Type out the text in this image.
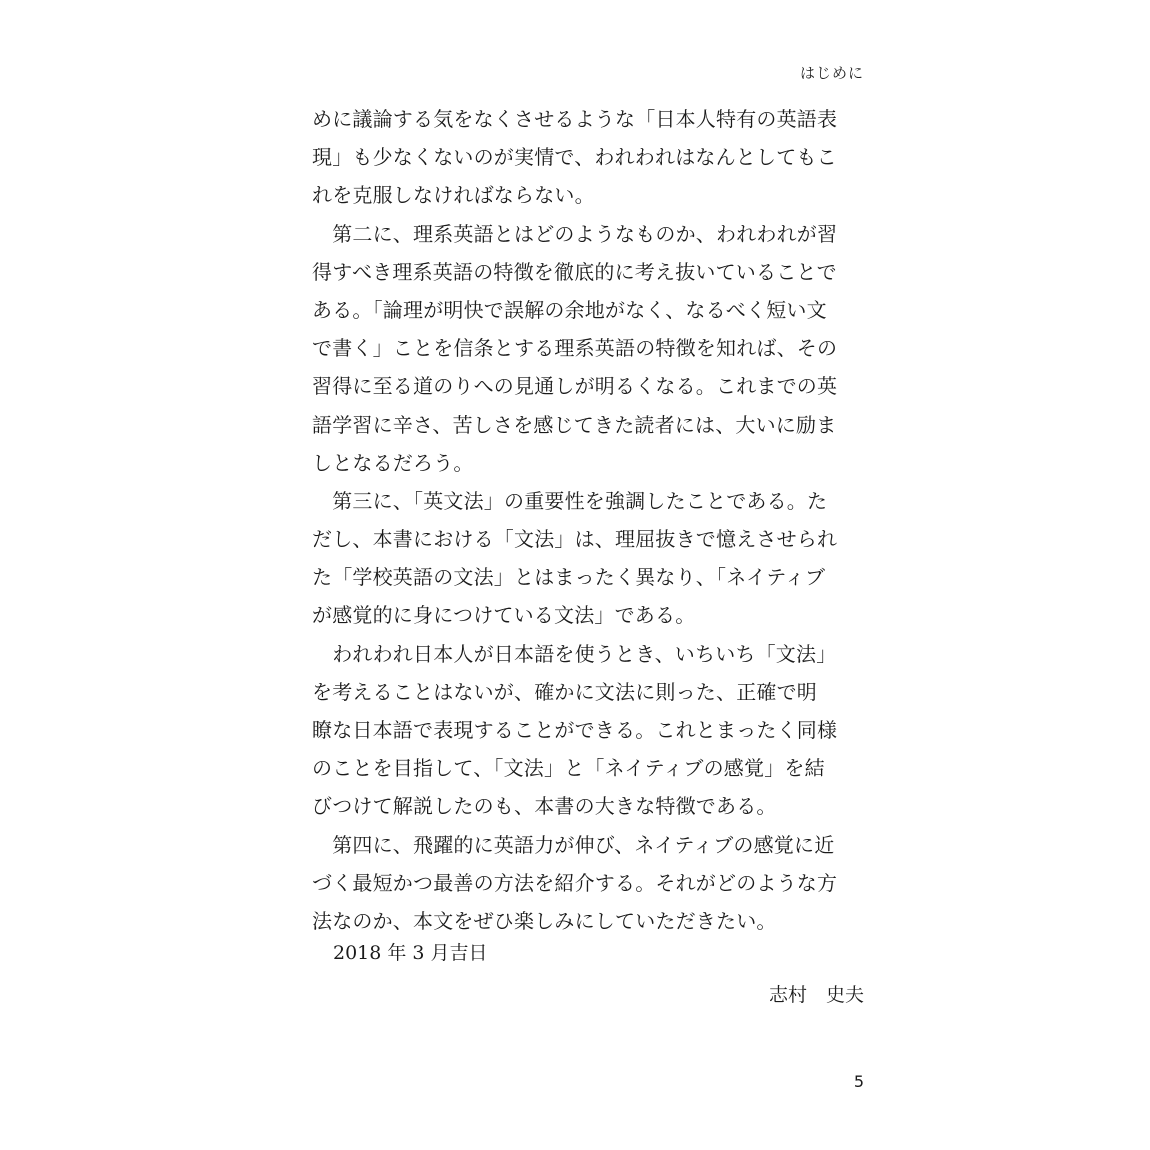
はじめに
めに議論する気をなくさせるような「日本人特有の英語表
現」も少なくないのが実情で、われわれはなんとしてもこ
れを克服しなければならない。
　第二に、理系英語とはどのようなものか、われわれが習
得すべき理系英語の特徴を徹底的に考え抜いていることで
ある。「論理が明快で誤解の余地がなく、なるべく短い文
で書く」ことを信条とする理系英語の特徴を知れば、その
習得に至る道のりへの見通しが明るくなる。これまでの英
語学習に辛さ、苦しさを感じてきた読者には、大いに励ま
しとなるだろう。
　第三に、「英文法」の重要性を強調したことである。た
だし、本書における「文法」は、理屈抜きで憶えさせられ
た「学校英語の文法」とはまったく異なり、「ネイティブ
が感覚的に身につけている文法」である。
　われわれ日本人が日本語を使うとき、いちいち「文法」
を考えることはないが、確かに文法に則った、正確で明
瞭な日本語で表現することができる。これとまったく同様
のことを目指して、「文法」と「ネイティブの感覚」を結
びつけて解説したのも、本書の大きな特徴である。
　第四に、飛躍的に英語力が伸び、ネイティブの感覚に近
づく最短かつ最善の方法を紹介する。それがどのような方
法なのか、本文をぜひ楽しみにしていただきたい。
2018 年 3 月吉日
志村　史夫
5
